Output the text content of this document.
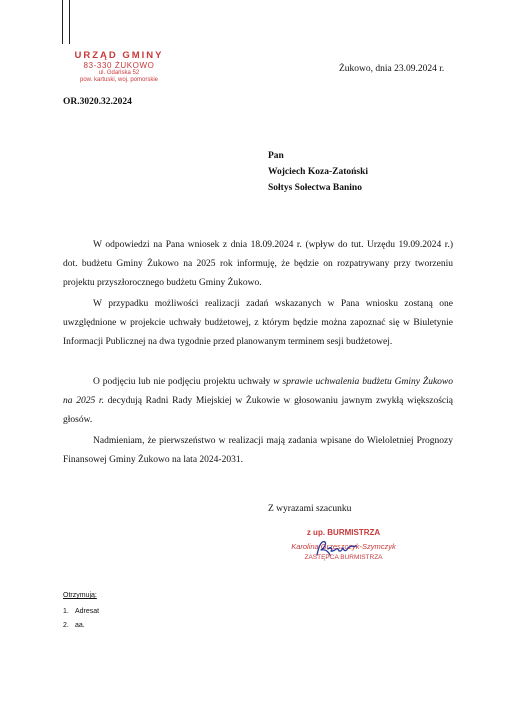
URZĄD GMINY
83-330 ŻUKOWO
ul. Gdańska 52
pow. kartuski, woj. pomorskie
OR.3020.32.2024
Żukowo, dnia 23.09.2024 r.
Pan
Wojciech Koza-Zatoński
Sołtys Sołectwa Banino

W odpowiedzi na Pana wniosek z dnia 18.09.2024 r. (wpływ do tut. Urzędu 19.09.2024 r.) dot. budżetu Gminy Żukowo na 2025 rok informuję, że będzie on rozpatrywany przy tworzeniu projektu przyszłorocznego budżetu Gminy Żukowo.

W przypadku możliwości realizacji zadań wskazanych w Pana wniosku zostaną one uwzględnione w projekcie uchwały budżetowej, z którym będzie można zapoznać się w Biuletynie Informacji Publicznej na dwa tygodnie przed planowanym terminem sesji budżetowej.

O podjęciu lub nie podjęciu projektu uchwały w sprawie uchwalenia budżetu Gminy Żukowo na 2025 r. decydują Radni Rady Miejskiej w Żukowie w głosowaniu jawnym zwykłą większością głosów.

Nadmieniam, że pierwszeństwo w realizacji mają zadania wpisane do Wieloletniej Prognozy Finansowej Gminy Żukowo na lata 2024-2031.

Z wyrazami szacunku
z up. BURMISTRZA
Karolina Grzeszczyk-Szymczyk
ZASTĘPCA BURMISTRZA
Otrzymują:
1. Adresat
2. aa.
